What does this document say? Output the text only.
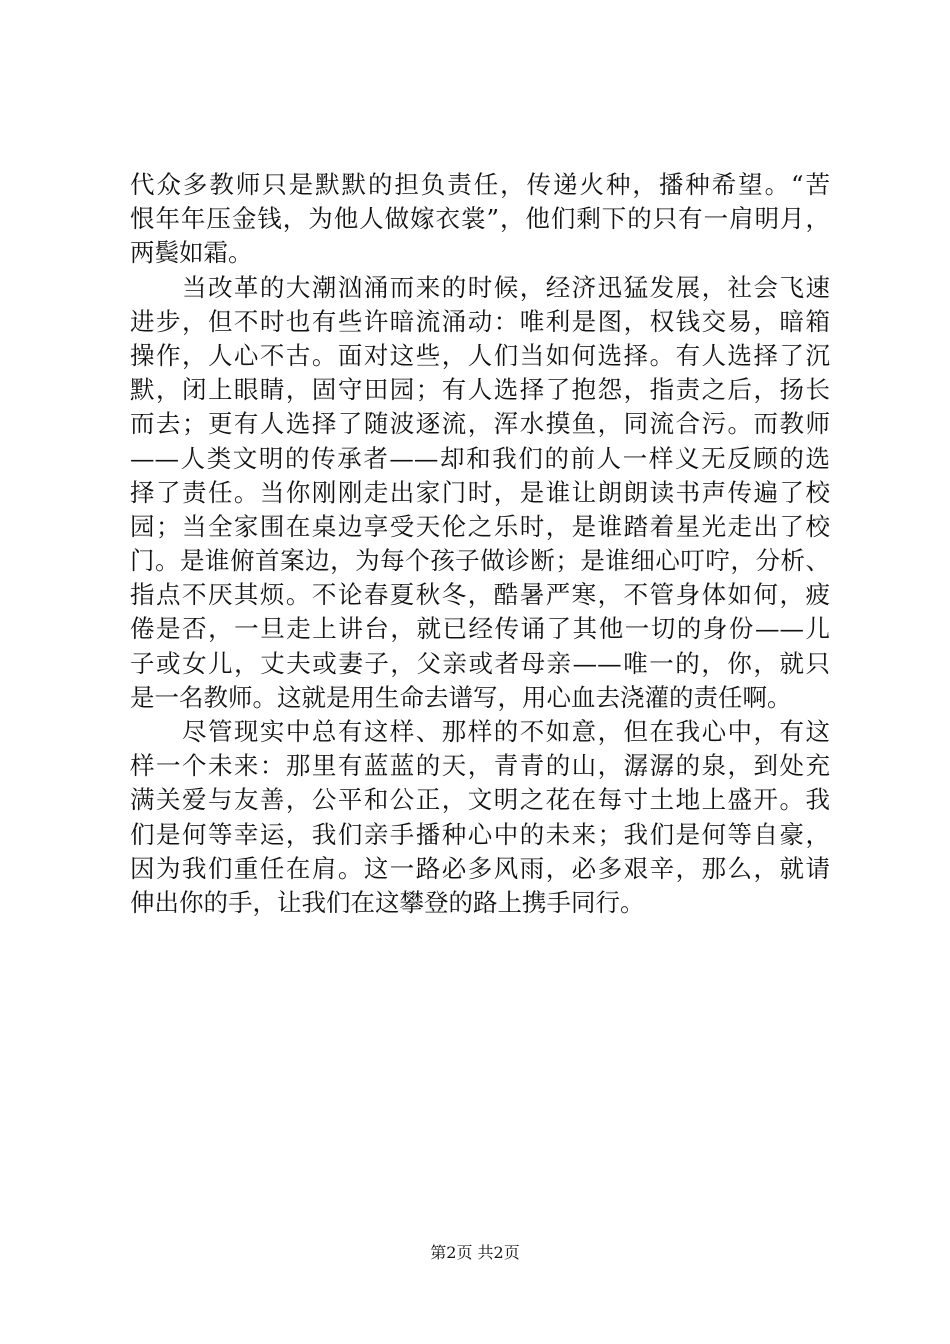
代众多教师只是默默的担负责任，传递火种，播种希望。“苦
恨年年压金钱，为他人做嫁衣裳”，他们剩下的只有一肩明月，
两鬓如霜。
　　当改革的大潮汹涌而来的时候，经济迅猛发展，社会飞速
进步，但不时也有些许暗流涌动：唯利是图，权钱交易，暗箱
操作，人心不古。面对这些，人们当如何选择。有人选择了沉
默，闭上眼睛，固守田园；有人选择了抱怨，指责之后，扬长
而去；更有人选择了随波逐流，浑水摸鱼，同流合污。而教师
——人类文明的传承者——却和我们的前人一样义无反顾的选
择了责任。当你刚刚走出家门时，是谁让朗朗读书声传遍了校
园；当全家围在桌边享受天伦之乐时，是谁踏着星光走出了校
门。是谁俯首案边，为每个孩子做诊断；是谁细心叮咛，分析、
指点不厌其烦。不论春夏秋冬，酷暑严寒，不管身体如何，疲
倦是否，一旦走上讲台，就已经传诵了其他一切的身份——儿
子或女儿，丈夫或妻子，父亲或者母亲——唯一的，你，就只
是一名教师。这就是用生命去谱写，用心血去浇灌的责任啊。
　　尽管现实中总有这样、那样的不如意，但在我心中，有这
样一个未来：那里有蓝蓝的天，青青的山，潺潺的泉，到处充
满关爱与友善，公平和公正，文明之花在每寸土地上盛开。我
们是何等幸运，我们亲手播种心中的未来；我们是何等自豪，
因为我们重任在肩。这一路必多风雨，必多艰辛，那么，就请
伸出你的手，让我们在这攀登的路上携手同行。
第2页 共2页
